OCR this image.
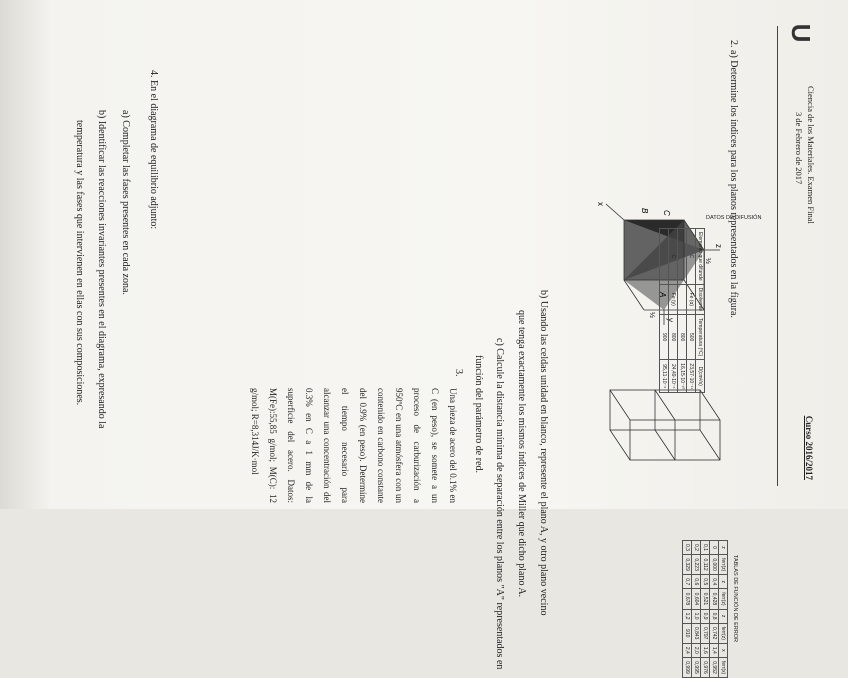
U
Ciencia de los Materiales. Examen Final
3 de Febrero de 2017
Curso 2016/2017
2. a) Determine los índices para los planos representados en la figura.
z
y
x
A
B C
½
½
b) Usando las celdas unidad en blanco, represente el plano A, y otro plano vecino
que tenga exactamente los mismos índices de Miller que dicho plano A.
c) Calcule la distancia mínima de separación entre los planos "A" representados en
función del parámetro de red.
3.
Una pieza de acero del 0.1% en C (en peso), se somete a un proceso de carburización a 950ºC en una atmósfera con un contenido en carbono constante del 0.9% (en peso). Determine el tiempo necesario para alcanzar una concentración del 0.3% en C a 1 mm de la superficie del acero. Datos: M(Fe):55,85 g/mol; M(C): 12 g/mol; R=8,314J/K·mol
DATOS DE DIFUSIÓN
Elemento que difunde	Disolvente	Temperatura (ºC)	D(cm²/s)
C	Fe (α)	500	23,57·10⁻¹¹
		800	16,15·10⁻¹⁰
C	Fe (γ)	800	24,49·10⁻⁸
		900	95,11·10⁻⁸
TABLAS DE FUNCIÓN DE ERROR
z	ferr(z)	z	ferr(z)	z	ferr(z)	x	ferr(x)
0	0,000	0,4	0,428	0,8	0,742	1,4	0,952
0,1	0,112	0,5	0,521	0,9	0,797	1,6	0,976
0,2	0,223	0,6	0,604	1,0	0,843	2,0	0,995
0,3	0,329	0,7	0,678	1,2	910	2,4	0,999
4. En el diagrama de equilibrio adjunto:
a) Completar las fases presentes en cada zona.
b) Identificar las reacciones invariantes presentes en el diagrama, expresando la
temperatura y las fases que intervienen en ellas con sus composiciones.
